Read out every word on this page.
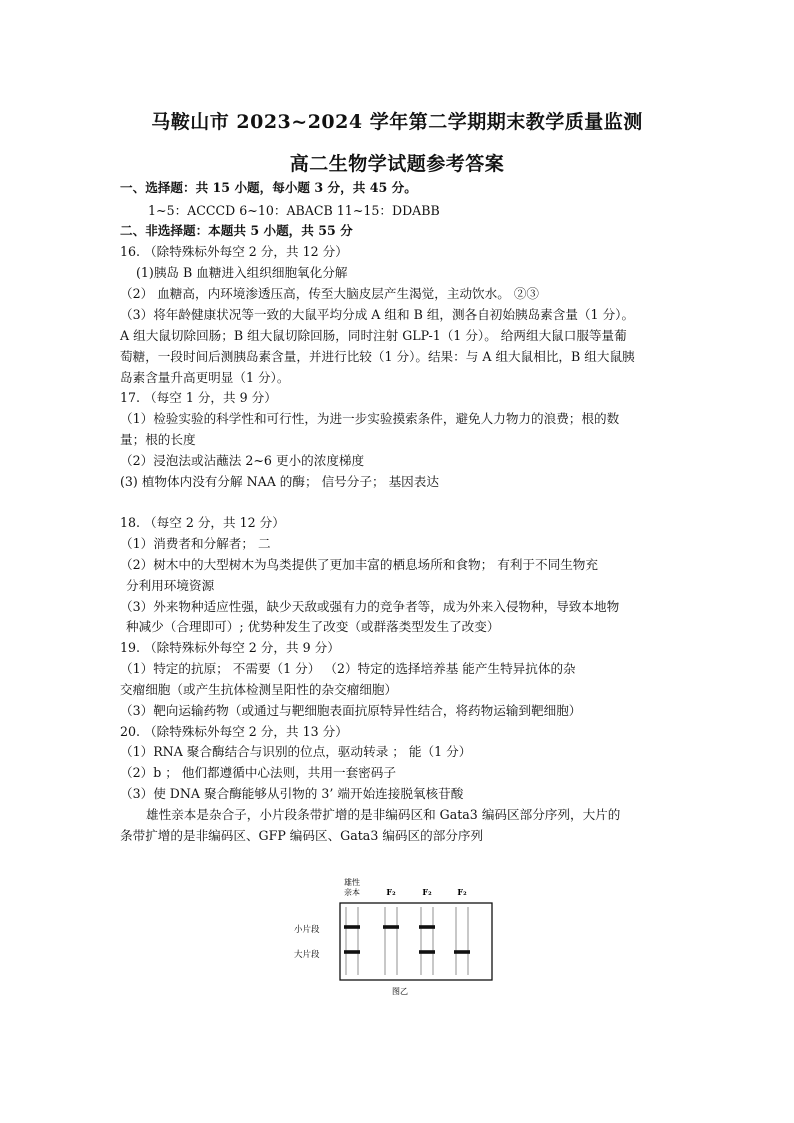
马鞍山市 2023~2024 学年第二学期期末教学质量监测
高二生物学试题参考答案
一、选择题：共 15 小题，每小题 3 分，共 45 分。
1~5：ACCCD 6~10：ABACB 11~15：DDABB
二、非选择题：本题共 5 小题，共 55 分
16. （除特殊标外每空 2 分，共 12 分）
(1)胰岛 B 血糖进入组织细胞氧化分解
（2） 血糖高，内环境渗透压高，传至大脑皮层产生渴觉，主动饮水。 ②③
（3）将年龄健康状况等一致的大鼠平均分成 A 组和 B 组，测各自初始胰岛素含量（1 分）。
A 组大鼠切除回肠；B 组大鼠切除回肠，同时注射 GLP-1（1 分）。 给两组大鼠口服等量葡
萄糖，一段时间后测胰岛素含量，并进行比较（1 分）。结果：与 A 组大鼠相比，B 组大鼠胰
岛素含量升高更明显（1 分）。
17. （每空 1 分，共 9 分）
（1）检验实验的科学性和可行性，为进一步实验摸索条件，避免人力物力的浪费；根的数
量；根的长度
（2）浸泡法或沾蘸法 2~6 更小的浓度梯度
(3) 植物体内没有分解 NAA 的酶； 信号分子； 基因表达
18. （每空 2 分，共 12 分）
（1）消费者和分解者； 二
（2）树木中的大型树木为鸟类提供了更加丰富的栖息场所和食物； 有利于不同生物充
分利用环境资源
（3）外来物种适应性强，缺少天敌或强有力的竞争者等，成为外来入侵物种，导致本地物
种减少（合理即可）; 优势种发生了改变（或群落类型发生了改变）
19. （除特殊标外每空 2 分，共 9 分）
（1）特定的抗原； 不需要（1 分） （2）特定的选择培养基 能产生特异抗体的杂
交瘤细胞（或产生抗体检测呈阳性的杂交瘤细胞）
（3）靶向运输药物（或通过与靶细胞表面抗原特异性结合，将药物运输到靶细胞）
20. （除特殊标外每空 2 分，共 13 分）
（1）RNA 聚合酶结合与识别的位点，驱动转录 ； 能（1 分）
（2）b ； 他们都遵循中心法则，共用一套密码子
（3）使 DNA 聚合酶能够从引物的 3’ 端开始连接脱氧核苷酸
雄性亲本是杂合子，小片段条带扩增的是非编码区和 Gata3 编码区部分序列，大片的
条带扩增的是非编码区、GFP 编码区、Gata3 编码区的部分序列
雄性亲本	F₂	F₂	F₂
小片段
大片段
图乙
